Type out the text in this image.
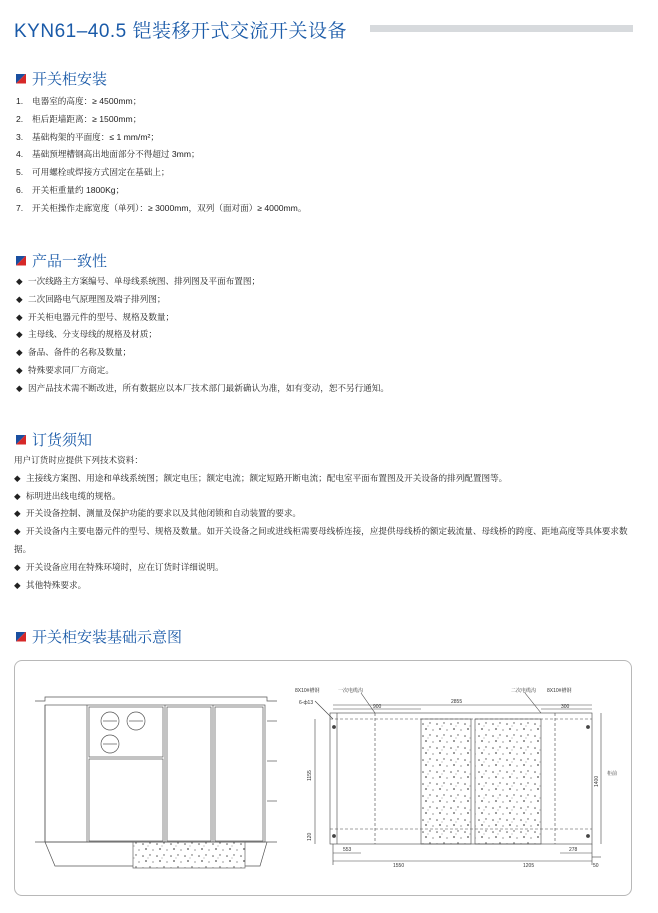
KYN61–40.5 铠装移开式交流开关设备
开关柜安装
1.	电器室的高度：≥ 4500mm；
2.	柜后距墙距离：≥ 1500mm；
3.	基础构架的平面度：≤ 1 mm/m²；
4.	基础预埋槽钢高出地面部分不得超过 3mm；
5.	可用螺栓或焊接方式固定在基础上；
6.	开关柜重量约 1800Kg；
7.	开关柜操作走廊宽度（单列）：≥ 3000mm，双列（面对面）≥ 4000mm。
产品一致性
◆ 一次线路主方案编号、单母线系统图、排列图及平面布置图；
◆ 二次回路电气原理图及端子排列图；
◆ 开关柜电器元件的型号、规格及数量；
◆ 主母线、分支母线的规格及材质；
◆ 备品、备件的名称及数量；
◆ 特殊要求同厂方商定。
◆ 因产品技术需不断改进，所有数据应以本厂技术部门最新确认为准，如有变动，恕不另行通知。
订货须知
用户订货时应提供下列技术资料：
◆ 主接线方案图、用途和单线系统图；额定电压；额定电流；额定短路开断电流；配电室平面布置图及开关设备的排列配置图等。
◆ 标明进出线电缆的规格。
◆ 开关设备控制、测量及保护功能的要求以及其他闭锁和自动装置的要求。
◆ 开关设备内主要电器元件的型号、规格及数量。如开关设备之间或进线柜需要母线桥连接，应提供母线桥的额定载流量、母线桥的跨度、距地高度等具体要求数据。
◆ 开关设备应用在特殊环境时，应在订货时详细说明。
◆ 其他特殊要求。
开关柜安装基础示意图
8X10#槽钢	一次电缆沟	二次电缆沟 8X10#槽钢
6-ф13
900
2855
300
1155
120
1400
柜前
553
1550	1205
278
50
